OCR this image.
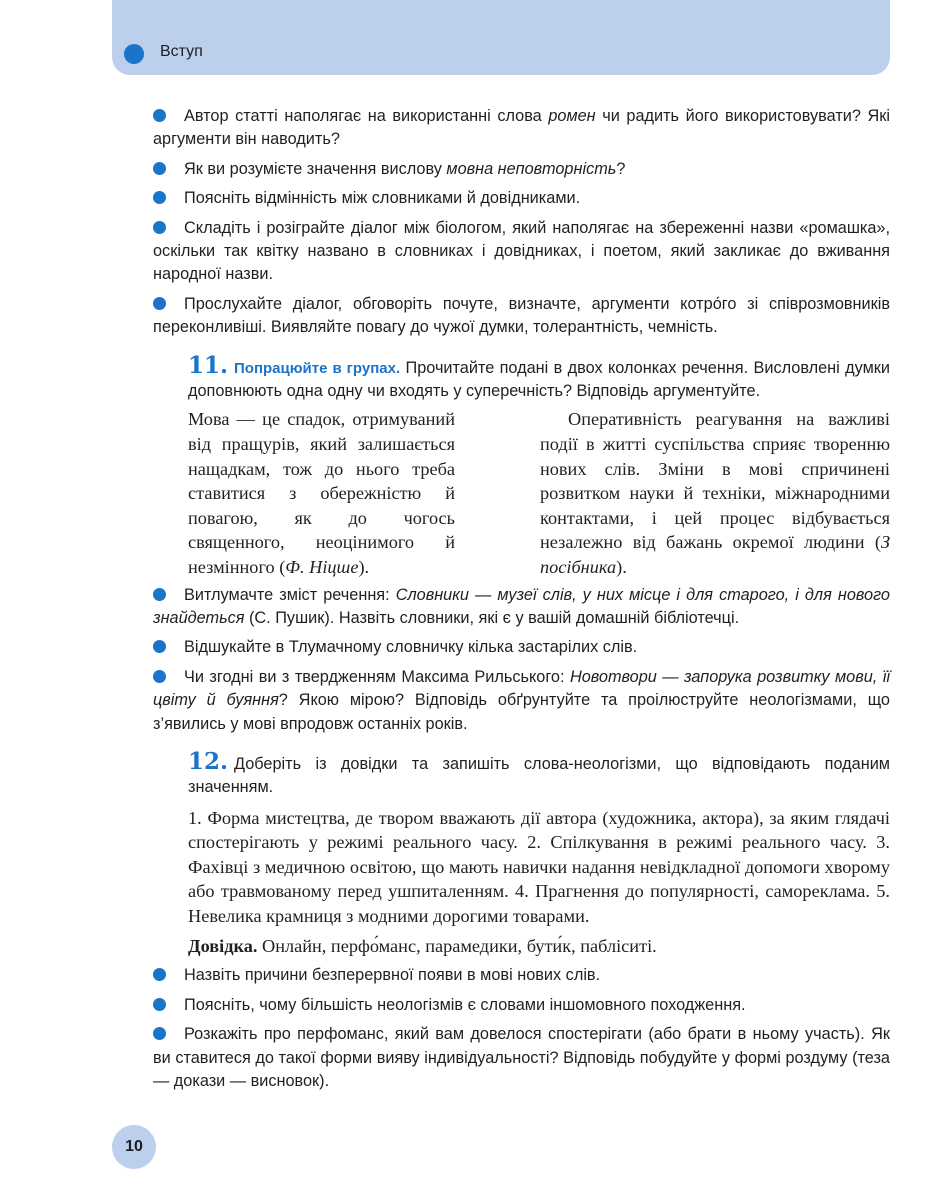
Вступ

Автор статті наполягає на використанні слова ромен чи радить його використовувати? Які аргументи він наводить?

Як ви розумієте значення вислову мовна неповторність?

Поясніть відмінність між словниками й довідниками.

Складіть і розіграйте діалог між біологом, який наполягає на збереженні назви «ромашка», оскільки так квітку названо в словниках і довідниках, і поетом, який закликає до вживання народної назви.

Прослухайте діалог, обговоріть почуте, визначте, аргументи котро́го зі співрозмовників переконливіші. Виявляйте повагу до чужої думки, толерантність, чемність.

11. Попрацюйте в групах. Прочитайте подані в двох колонках речення. Висловлені думки доповнюють одна одну чи входять у суперечність? Відповідь аргументуйте.

Мова — це спадок, отримуваний від пращурів, який залишається нащадкам, тож до нього треба ставитися з обережністю й повагою, як до чогось священного, неоцінимого й незмінного (Ф. Ніцше).
Оперативність реагування на важливі події в житті суспільства сприяє творенню нових слів. Зміни в мові спричинені розвитком науки й техніки, міжнародними контактами, і цей процес відбувається незалежно від бажань окремої людини (З посібника).

Витлумачте зміст речення: Словники — музеї слів, у них місце і для старого, і для нового знайдеться (С. Пушик). Назвіть словники, які є у вашій домашній бібліотечці.

Відшукайте в Тлумачному словничку кілька застарілих слів.

Чи згодні ви з твердженням Максима Рильського: Новотвори — запорука розвитку мови, її цвіту й буяння? Якою мірою? Відповідь обґрунтуйте та проілюструйте неологізмами, що з’явились у мові впродовж останніх років.

12. Доберіть із довідки та запишіть слова-неологізми, що відповідають поданим значенням.

1. Форма мистецтва, де твором вважають дії автора (художника, актора), за яким глядачі спостерігають у режимі реального часу. 2. Спілкування в режимі реального часу. 3. Фахівці з медичною освітою, що мають навички надання невідкладної допомоги хворому або травмованому перед ушпиталенням. 4. Прагнення до популярності, самореклама. 5. Невелика крамниця з модними дорогими товарами.

Довідка. Онлайн, перфо́манс, парамедики, бути́к, пабліситі.

Назвіть причини безперервної появи в мові нових слів.

Поясніть, чому більшість неологізмів є словами іншомовного походження.

Розкажіть про перфоманс, який вам довелося спостерігати (або брати в ньому участь). Як ви ставитеся до такої форми вияву індивідуальності? Відповідь побудуйте у формі роздуму (теза — докази — висновок).

10
